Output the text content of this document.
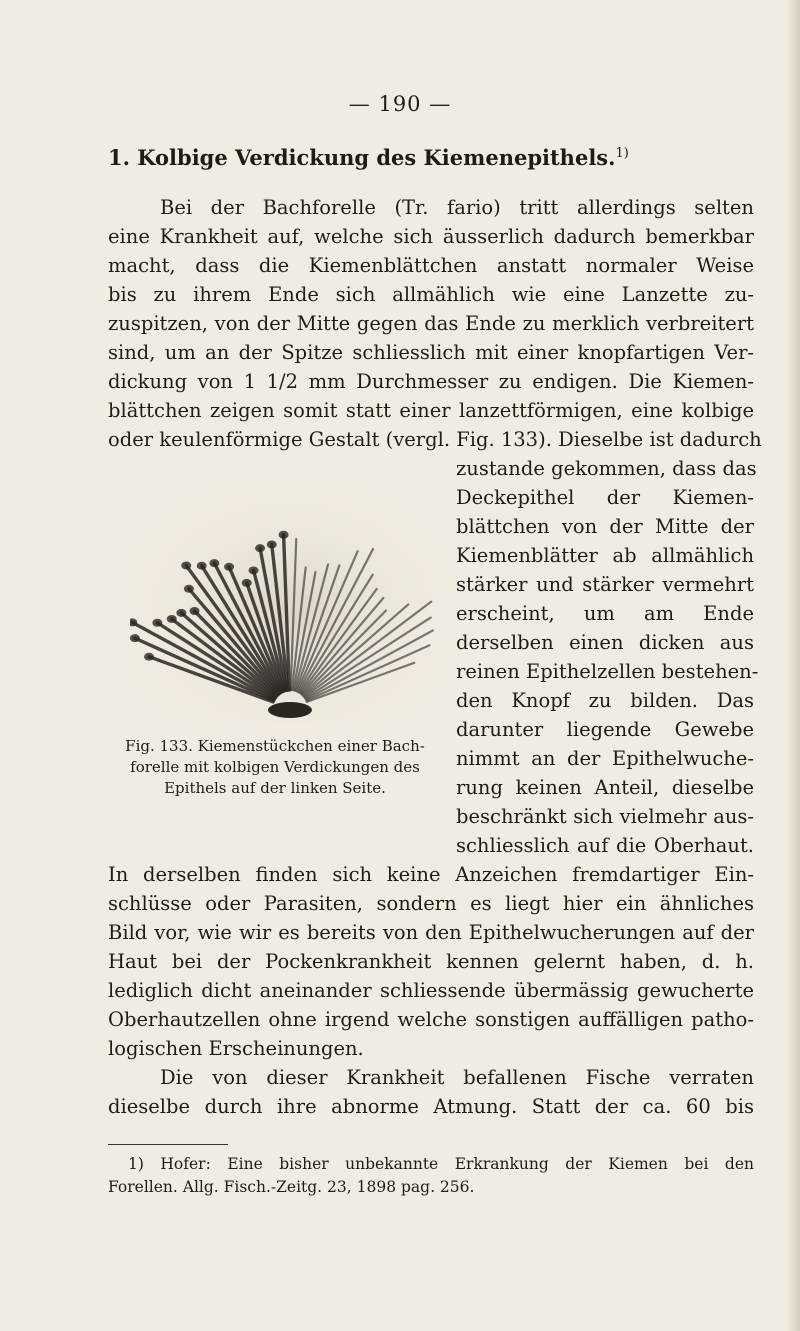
— 190 —
1. Kolbige Verdickung des Kiemenepithels.$^{1)}$
Bei der Bachforelle (Tr. fario) tritt allerdings selten
eine Krankheit auf, welche sich äusserlich dadurch bemerkbar
macht, dass die Kiemenblättchen anstatt normaler Weise
bis zu ihrem Ende sich allmählich wie eine Lanzette zu-
zuspitzen, von der Mitte gegen das Ende zu merklich verbreitert
sind, um an der Spitze schliesslich mit einer knopfartigen Ver-
dickung von 1 1/2 mm Durchmesser zu endigen. Die Kiemen-
blättchen zeigen somit statt einer lanzettförmigen, eine kolbige
oder keulenförmige Gestalt (vergl. Fig. 133). Dieselbe ist dadurch
zustande gekommen, dass das
Deckepithel der Kiemen-
blättchen von der Mitte der
Kiemenblätter ab allmählich
stärker und stärker vermehrt
erscheint, um am Ende
derselben einen dicken aus
reinen Epithelzellen bestehen-
den Knopf zu bilden. Das
darunter liegende Gewebe
nimmt an der Epithelwuche-
rung keinen Anteil, dieselbe
beschränkt sich vielmehr aus-
schliesslich auf die Oberhaut.
In derselben finden sich keine Anzeichen fremdartiger Ein-
schlüsse oder Parasiten, sondern es liegt hier ein ähnliches
Bild vor, wie wir es bereits von den Epithelwucherungen auf der
Haut bei der Pockenkrankheit kennen gelernt haben, d. h.
lediglich dicht aneinander schliessende übermässig gewucherte
Oberhautzellen ohne irgend welche sonstigen auffälligen patho-
logischen Erscheinungen.
Die von dieser Krankheit befallenen Fische verraten
dieselbe durch ihre abnorme Atmung. Statt der ca. 60 bis
Fig. 133. Kiemenstückchen einer Bach-
forelle mit kolbigen Verdickungen des
Epithels auf der linken Seite.
1) Hofer: Eine bisher unbekannte Erkrankung der Kiemen bei den
Forellen. Allg. Fisch.-Zeitg. 23, 1898 pag. 256.
